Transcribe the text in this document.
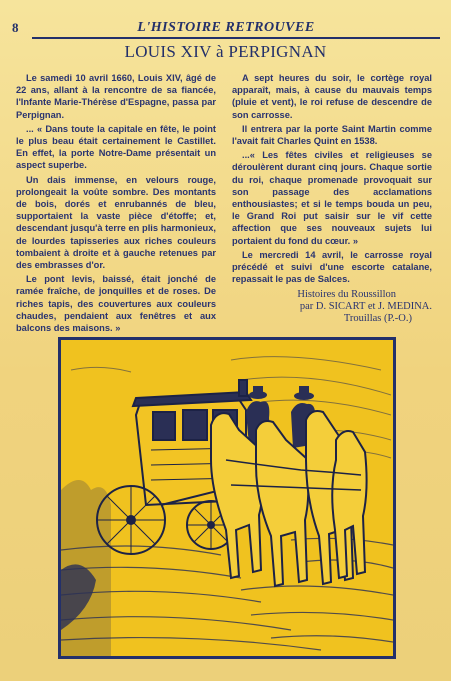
8	L'HISTOIRE RETROUVEE
LOUIS XIV à PERPIGNAN

Le samedi 10 avril 1660, Louis XIV, âgé de 22 ans, allant à la rencontre de sa fiancée, l'Infante Marie-Thérèse d'Espagne, passa par Perpignan.

... « Dans toute la capitale en fête, le point le plus beau était certainement le Castillet. En effet, la porte Notre-Dame présentait un aspect superbe.

Un dais immense, en velours rouge, prolongeait la voûte sombre. Des montants de bois, dorés et enrubannés de bleu, supportaient la vaste pièce d'étoffe; et, descendant jusqu'à terre en plis harmonieux, de lourdes tapisseries aux riches couleurs tombaient à droite et à gauche retenues par des embrasses d'or.

Le pont levis, baissé, était jonché de ramée fraîche, de jonquilles et de roses. De riches tapis, des couvertures aux couleurs chaudes, pendaient aux fenêtres et aux balcons des maisons. »

A sept heures du soir, le cortège royal apparaît, mais, à cause du mauvais temps (pluie et vent), le roi refuse de descendre de son carrosse.

Il entrera par la porte Saint Martin comme l'avait fait Charles Quint en 1538.

...« Les fêtes civiles et religieuses se déroulèrent durant cinq jours. Chaque sortie du roi, chaque promenade provoquait sur son passage des acclamations enthousiastes; et si le temps bouda un peu, le Grand Roi put saisir sur le vif cette affection que ses nouveaux sujets lui portaient du fond du cœur. »

Le mercredi 14 avril, le carrosse royal précédé et suivi d'une escorte catalane, repassait le pas de Salces.

Histoires du Roussillon
par D. SICART et J. MEDINA.
Trouillas (P.-O.)
